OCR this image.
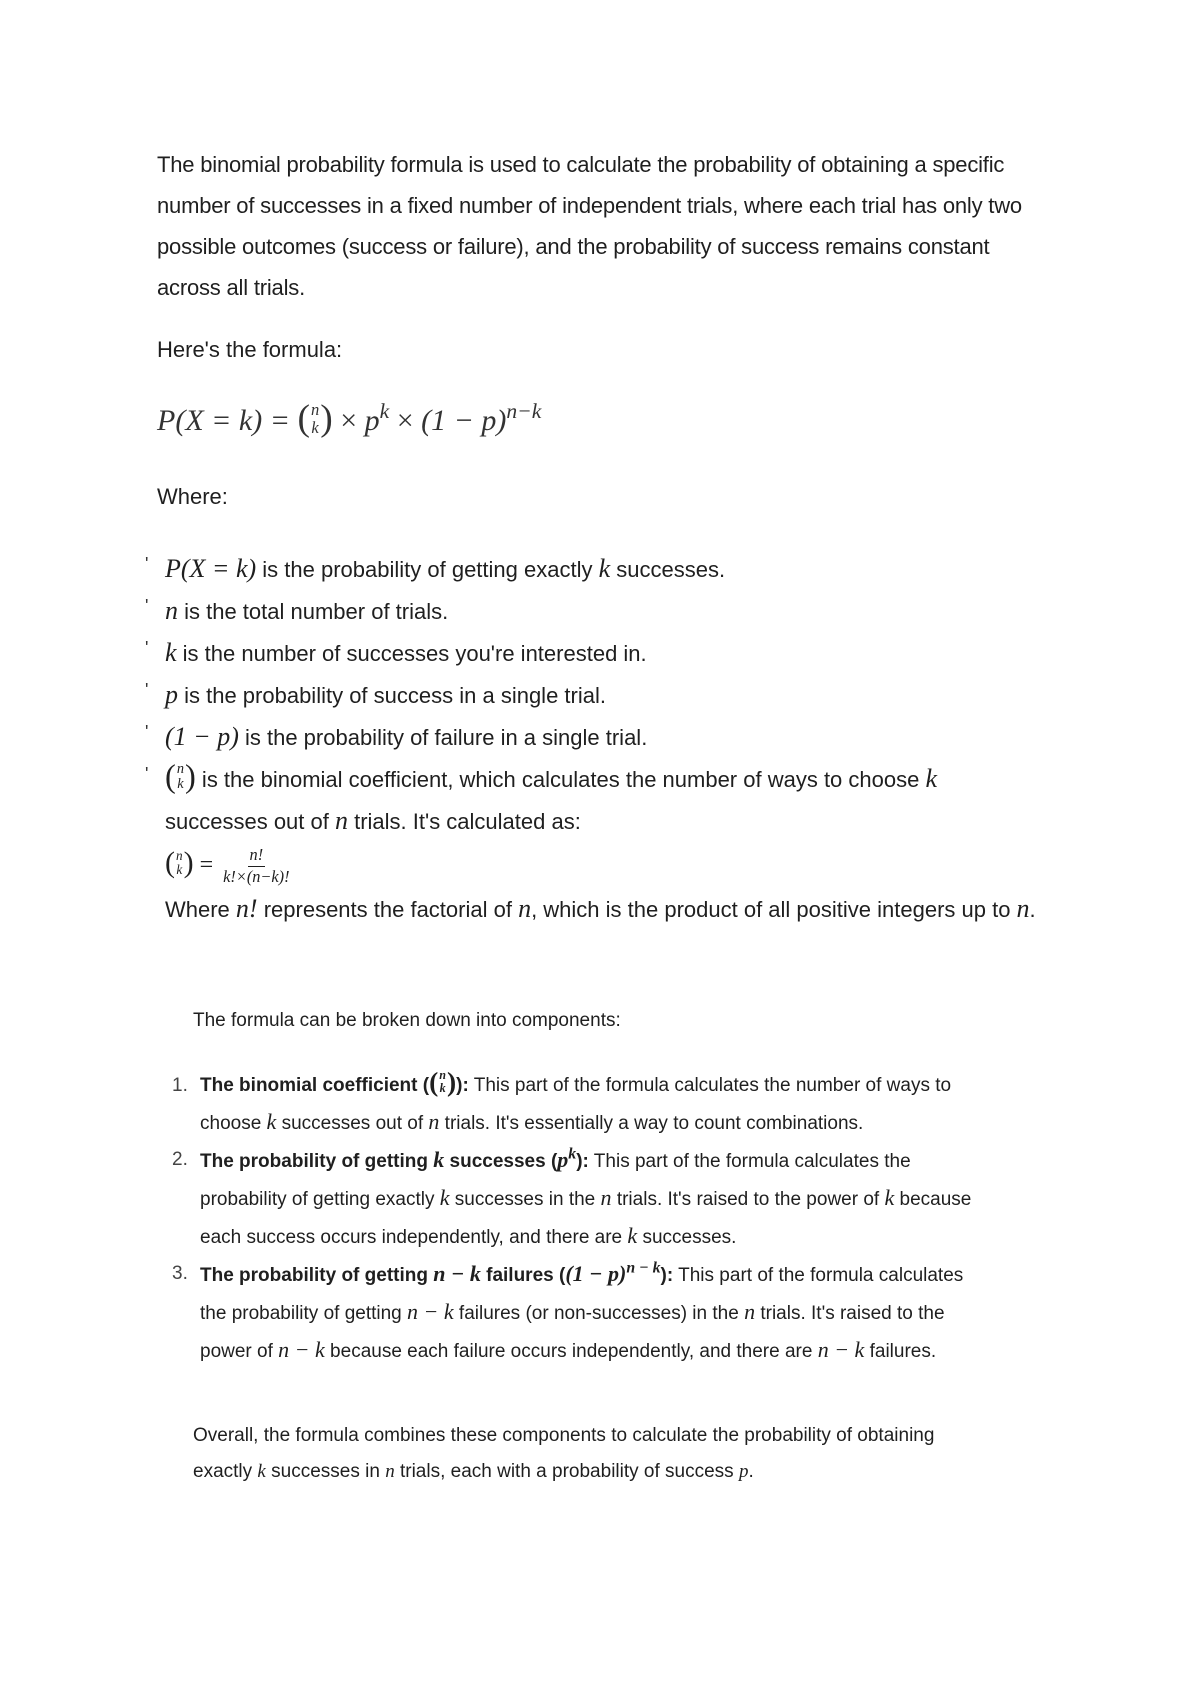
The binomial probability formula is used to calculate the probability of obtaining a specific number of successes in a fixed number of independent trials, where each trial has only two possible outcomes (success or failure), and the probability of success remains constant across all trials.

Here's the formula:

P(X = k) = ( n
k ) × $p^k \times (1 - p)^{n-k}$

Where:

' P(X = k) is the probability of getting exactly k successes.
' n is the total number of trials.
' k is the number of successes you're interested in.
' p is the probability of success in a single trial.
' (1 − p) is the probability of failure in a single trial.
' ( n
k ) is the binomial coefficient, which calculates the number of ways to choose k
successes out of n trials. It's calculated as:
( n
k ) = $\frac{n!}{k!\times(n-k)!}$
Where n! represents the factorial of n, which is the product of all positive integers up to n.

The formula can be broken down into components:

1. The binomial coefficient ( ( n
k ) ): This part of the formula calculates the number of ways to choose k successes out of n trials. It's essentially a way to count combinations.
2. The probability of getting k successes $(p^k)$: This part of the formula calculates the probability of getting exactly k successes in the n trials. It's raised to the power of k because each success occurs independently, and there are k successes.
3. The probability of getting n − k failures $((1 - p)^{n - k})$: This part of the formula calculates the probability of getting n − k failures (or non-successes) in the n trials. It's raised to the power of n − k because each failure occurs independently, and there are n − k failures.

Overall, the formula combines these components to calculate the probability of obtaining exactly k successes in n trials, each with a probability of success p.
